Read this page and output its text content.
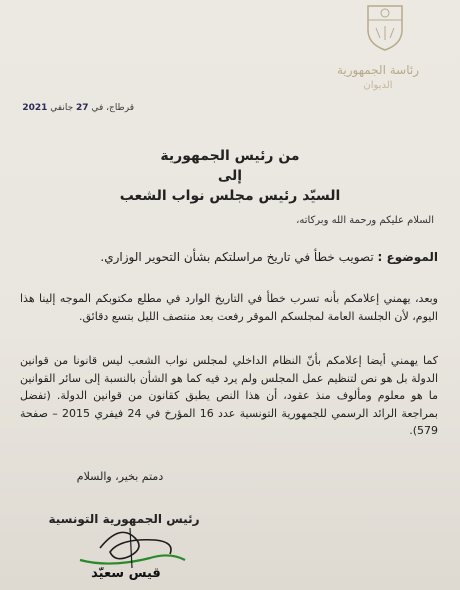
رئاسة الجمهورية
الديوان
قرطاج، في 27 جانفي 2021
من رئيس الجمهورية
إلى
السيّد رئيس مجلس نواب الشعب
السلام عليكم ورحمة الله وبركاته،
الموضوع : تصويب خطأ في تاريخ مراسلتكم بشأن التحوير الوزاري.
وبعد، يهمني إعلامكم بأنه تسرب خطأ في التاريخ الوارد في مطلع مكتوبكم الموجه إلينا هذا اليوم، لأن الجلسة العامة لمجلسكم الموقر رفعت بعد منتصف الليل بتسع دقائق.
كما يهمني أيضا إعلامكم بأنّ النظام الداخلي لمجلس نواب الشعب ليس قانونا من قوانين الدولة بل هو نص لتنظيم عمل المجلس ولم يرد فيه كما هو الشأن بالنسبة إلى سائر القوانين ما هو معلوم ومألوف منذ عقود، أن هذا النص يطبق كقانون من قوانين الدولة. (تفضل بمراجعة الرائد الرسمي للجمهورية التونسية عدد 16 المؤرخ في 24 فيفري 2015 – صفحة 579).
دمتم بخير، والسلام
رئيس الجمهورية التونسية
قيس سعيّد
